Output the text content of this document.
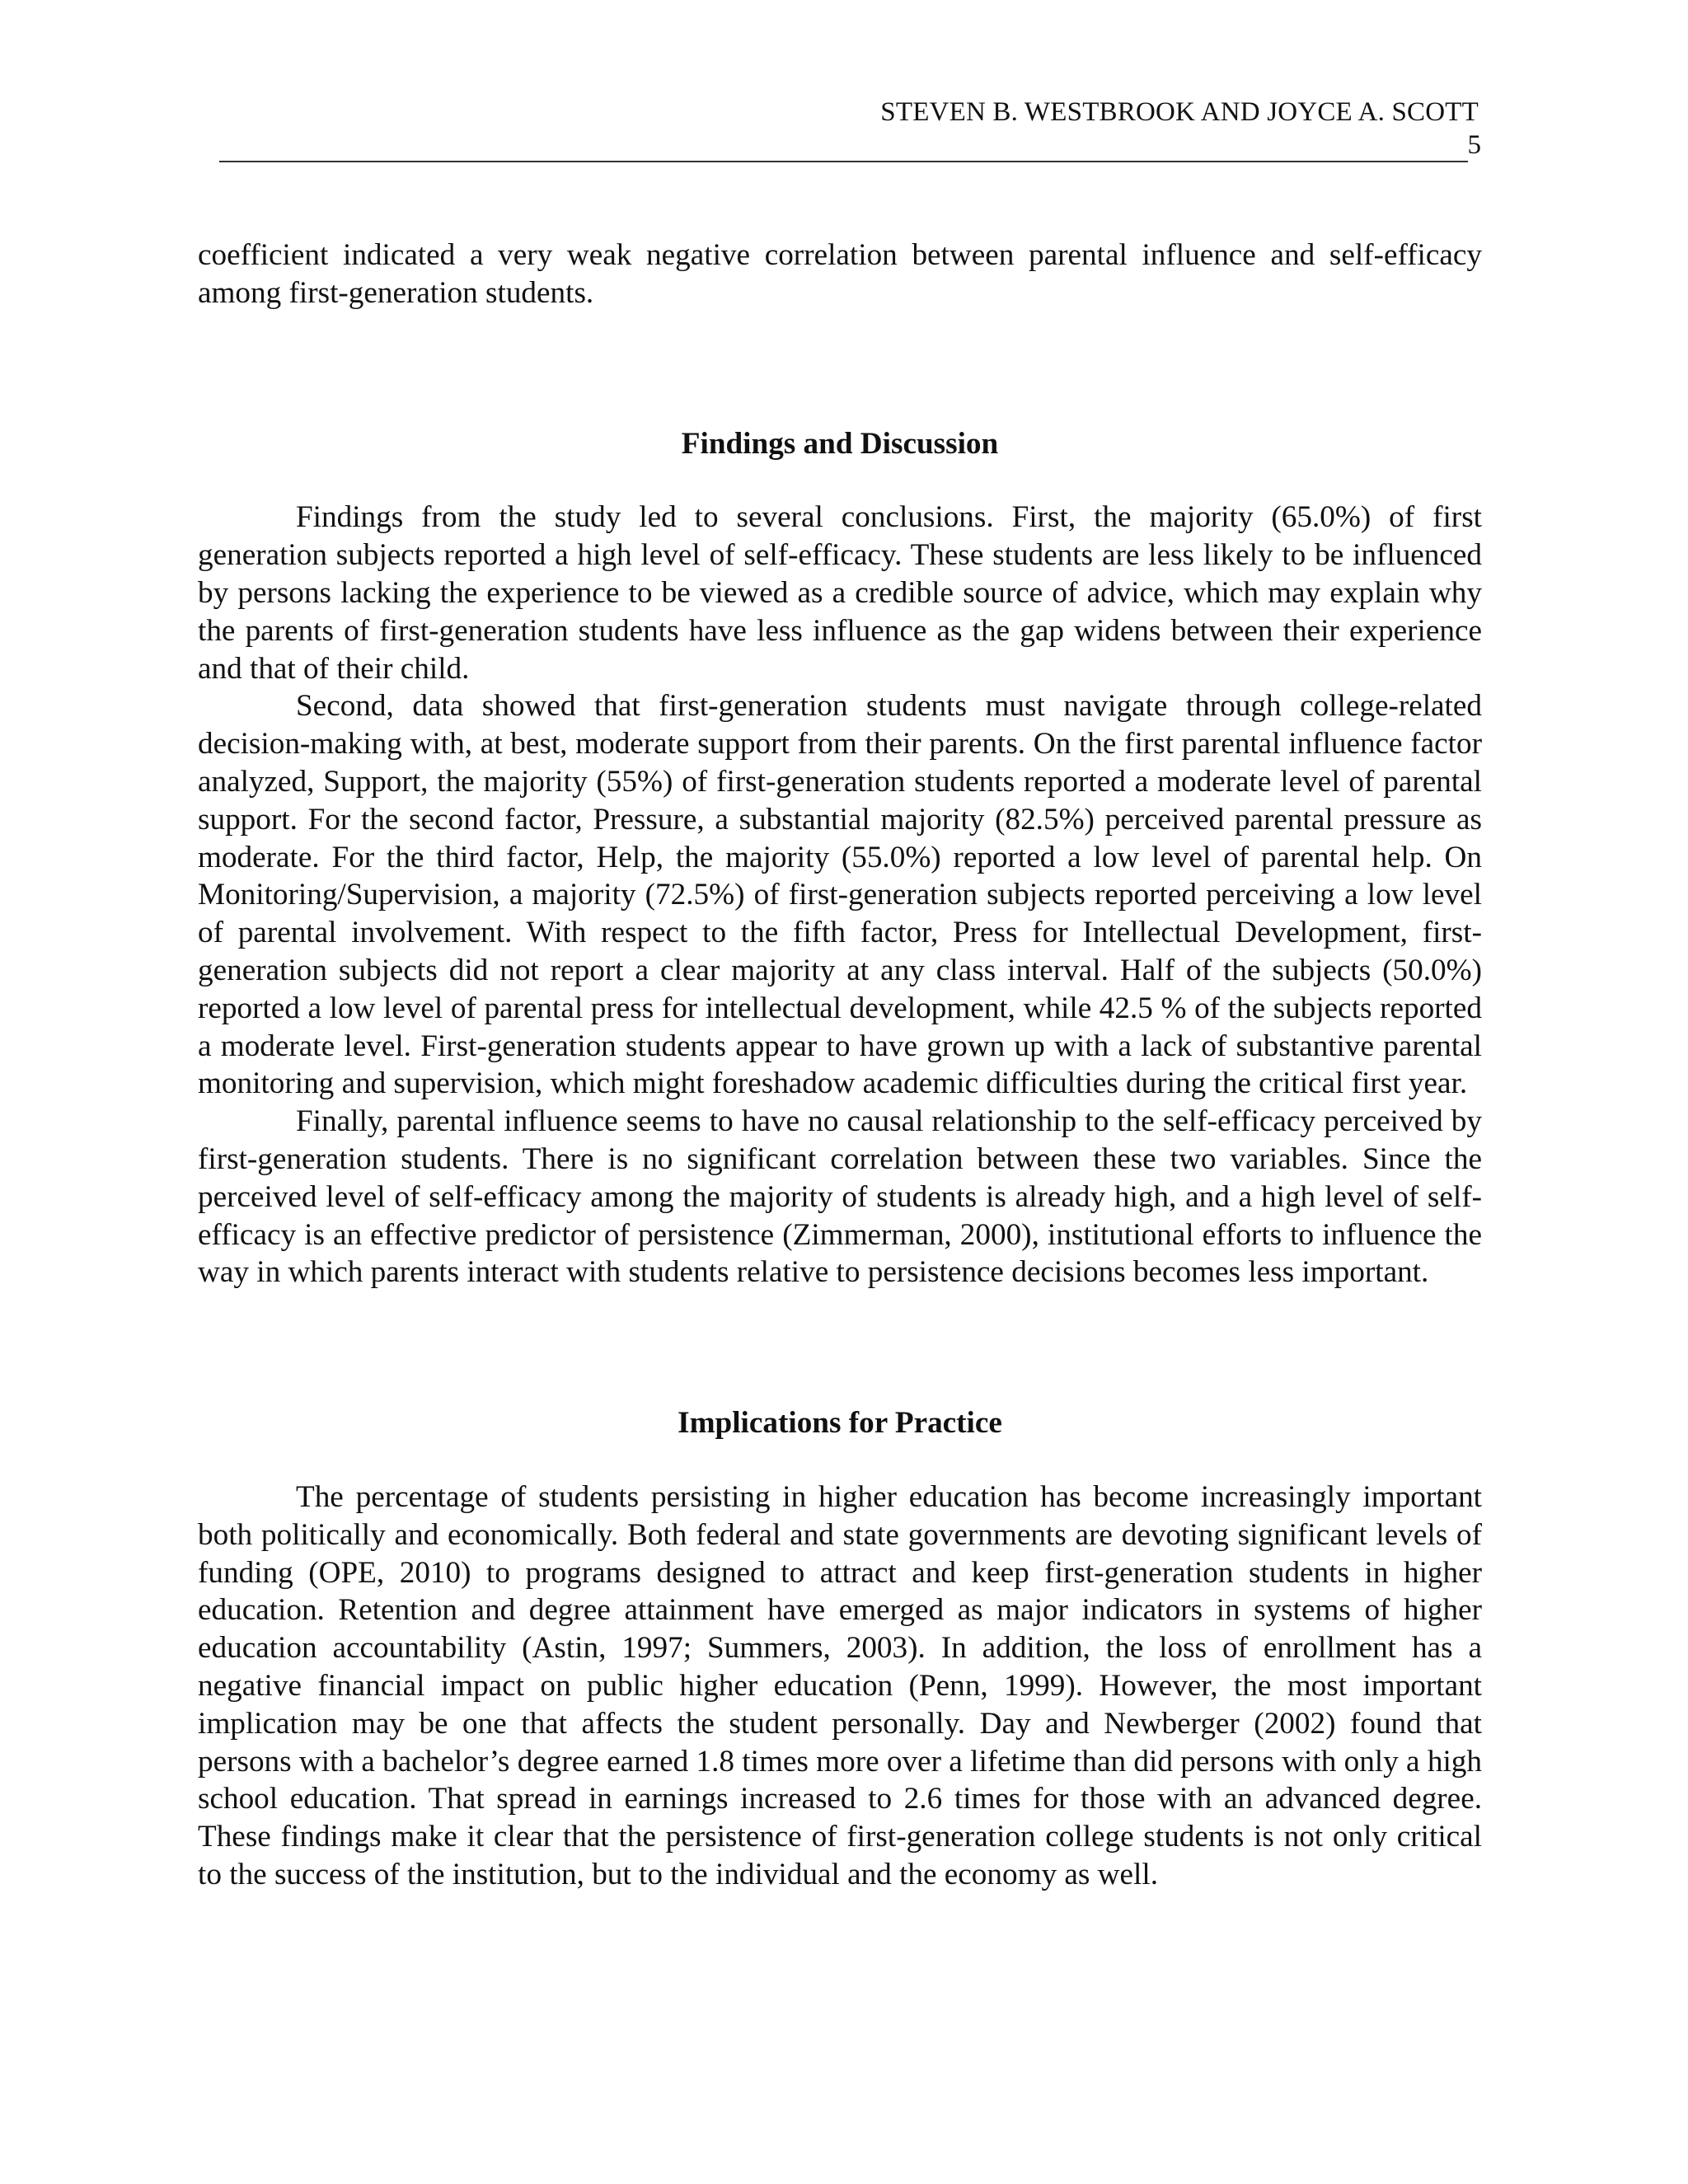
STEVEN B. WESTBROOK AND JOYCE A. SCOTT
5

coefficient indicated a very weak negative correlation between parental influence and self-efficacy among first-generation students.

Findings and Discussion

Findings from the study led to several conclusions. First, the majority (65.0%) of first generation subjects reported a high level of self-efficacy. These students are less likely to be influenced by persons lacking the experience to be viewed as a credible source of advice, which may explain why the parents of first-generation students have less influence as the gap widens between their experience and that of their child.

Second, data showed that first-generation students must navigate through college-related decision-making with, at best, moderate support from their parents. On the first parental influence factor analyzed, Support, the majority (55%) of first-generation students reported a moderate level of parental support. For the second factor, Pressure, a substantial majority (82.5%) perceived parental pressure as moderate. For the third factor, Help, the majority (55.0%) reported a low level of parental help. On Monitoring/Supervision, a majority (72.5%) of first-generation subjects reported perceiving a low level of parental involvement. With respect to the fifth factor, Press for Intellectual Development, first-generation subjects did not report a clear majority at any class interval. Half of the subjects (50.0%) reported a low level of parental press for intellectual development, while 42.5 % of the subjects reported a moderate level. First-generation students appear to have grown up with a lack of substantive parental monitoring and supervision, which might foreshadow academic difficulties during the critical first year.

Finally, parental influence seems to have no causal relationship to the self-efficacy perceived by first-generation students. There is no significant correlation between these two variables. Since the perceived level of self-efficacy among the majority of students is already high, and a high level of self-efficacy is an effective predictor of persistence (Zimmerman, 2000), institutional efforts to influence the way in which parents interact with students relative to persistence decisions becomes less important.

Implications for Practice

The percentage of students persisting in higher education has become increasingly important both politically and economically. Both federal and state governments are devoting significant levels of funding (OPE, 2010) to programs designed to attract and keep first-generation students in higher education. Retention and degree attainment have emerged as major indicators in systems of higher education accountability (Astin, 1997; Summers, 2003). In addition, the loss of enrollment has a negative financial impact on public higher education (Penn, 1999). However, the most important implication may be one that affects the student personally. Day and Newberger (2002) found that persons with a bachelor’s degree earned 1.8 times more over a lifetime than did persons with only a high school education. That spread in earnings increased to 2.6 times for those with an advanced degree. These findings make it clear that the persistence of first-generation college students is not only critical to the success of the institution, but to the individual and the economy as well.
